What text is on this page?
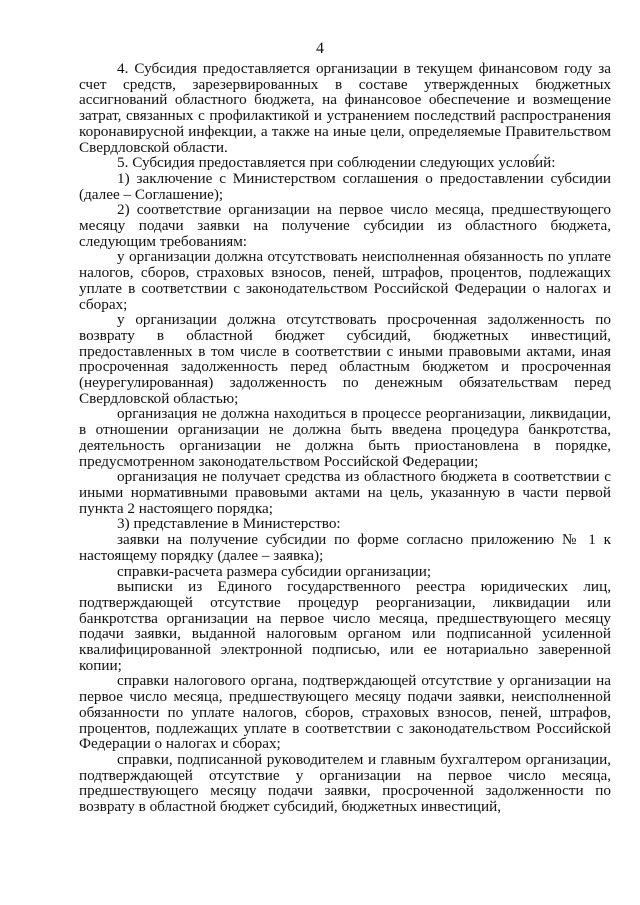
4

4. Субсидия предоставляется организации в текущем финансовом году за счет средств, зарезервированных в составе утвержденных бюджетных ассигнований областного бюджета, на финансовое обеспечение и возмещение затрат, связанных с профилактикой и устранением последствий распространения коронавирусной инфекции, а также на иные цели, определяемые Правительством Свердловской области.

5. Субсидия предоставляется при соблюдении следующих условий:

1) заключение с Министерством соглашения о предоставлении субсидии (далее – Соглашение);

2) соответствие организации на первое число месяца, предшествующего месяцу подачи заявки на получение субсидии из областного бюджета, следующим требованиям:

у организации должна отсутствовать неисполненная обязанность по уплате налогов, сборов, страховых взносов, пеней, штрафов, процентов, подлежащих уплате в соответствии с законодательством Российской Федерации о налогах и сборах;

у организации должна отсутствовать просроченная задолженность по возврату в областной бюджет субсидий, бюджетных инвестиций, предоставленных в том числе в соответствии с иными правовыми актами, иная просроченная задолженность перед областным бюджетом и просроченная (неурегулированная) задолженность по денежным обязательствам перед Свердловской областью;

организация не должна находиться в процессе реорганизации, ликвидации, в отношении организации не должна быть введена процедура банкротства, деятельность организации не должна быть приостановлена в порядке, предусмотренном законодательством Российской Федерации;

организация не получает средства из областного бюджета в соответствии с иными нормативными правовыми актами на цель, указанную в части первой пункта 2 настоящего порядка;

3) представление в Министерство:

заявки на получение субсидии по форме согласно приложению № 1 к настоящему порядку (далее – заявка);

справки-расчета размера субсидии организации;

выписки из Единого государственного реестра юридических лиц, подтверждающей отсутствие процедур реорганизации, ликвидации или банкротства организации на первое число месяца, предшествующего месяцу подачи заявки, выданной налоговым органом или подписанной усиленной квалифицированной электронной подписью, или ее нотариально заверенной копии;

справки налогового органа, подтверждающей отсутствие у организации на первое число месяца, предшествующего месяцу подачи заявки, неисполненной обязанности по уплате налогов, сборов, страховых взносов, пеней, штрафов, процентов, подлежащих уплате в соответствии с законодательством Российской Федерации о налогах и сборах;

справки, подписанной руководителем и главным бухгалтером организации, подтверждающей отсутствие у организации на первое число месяца, предшествующего месяцу подачи заявки, просроченной задолженности по возврату в областной бюджет субсидий, бюджетных инвестиций,
